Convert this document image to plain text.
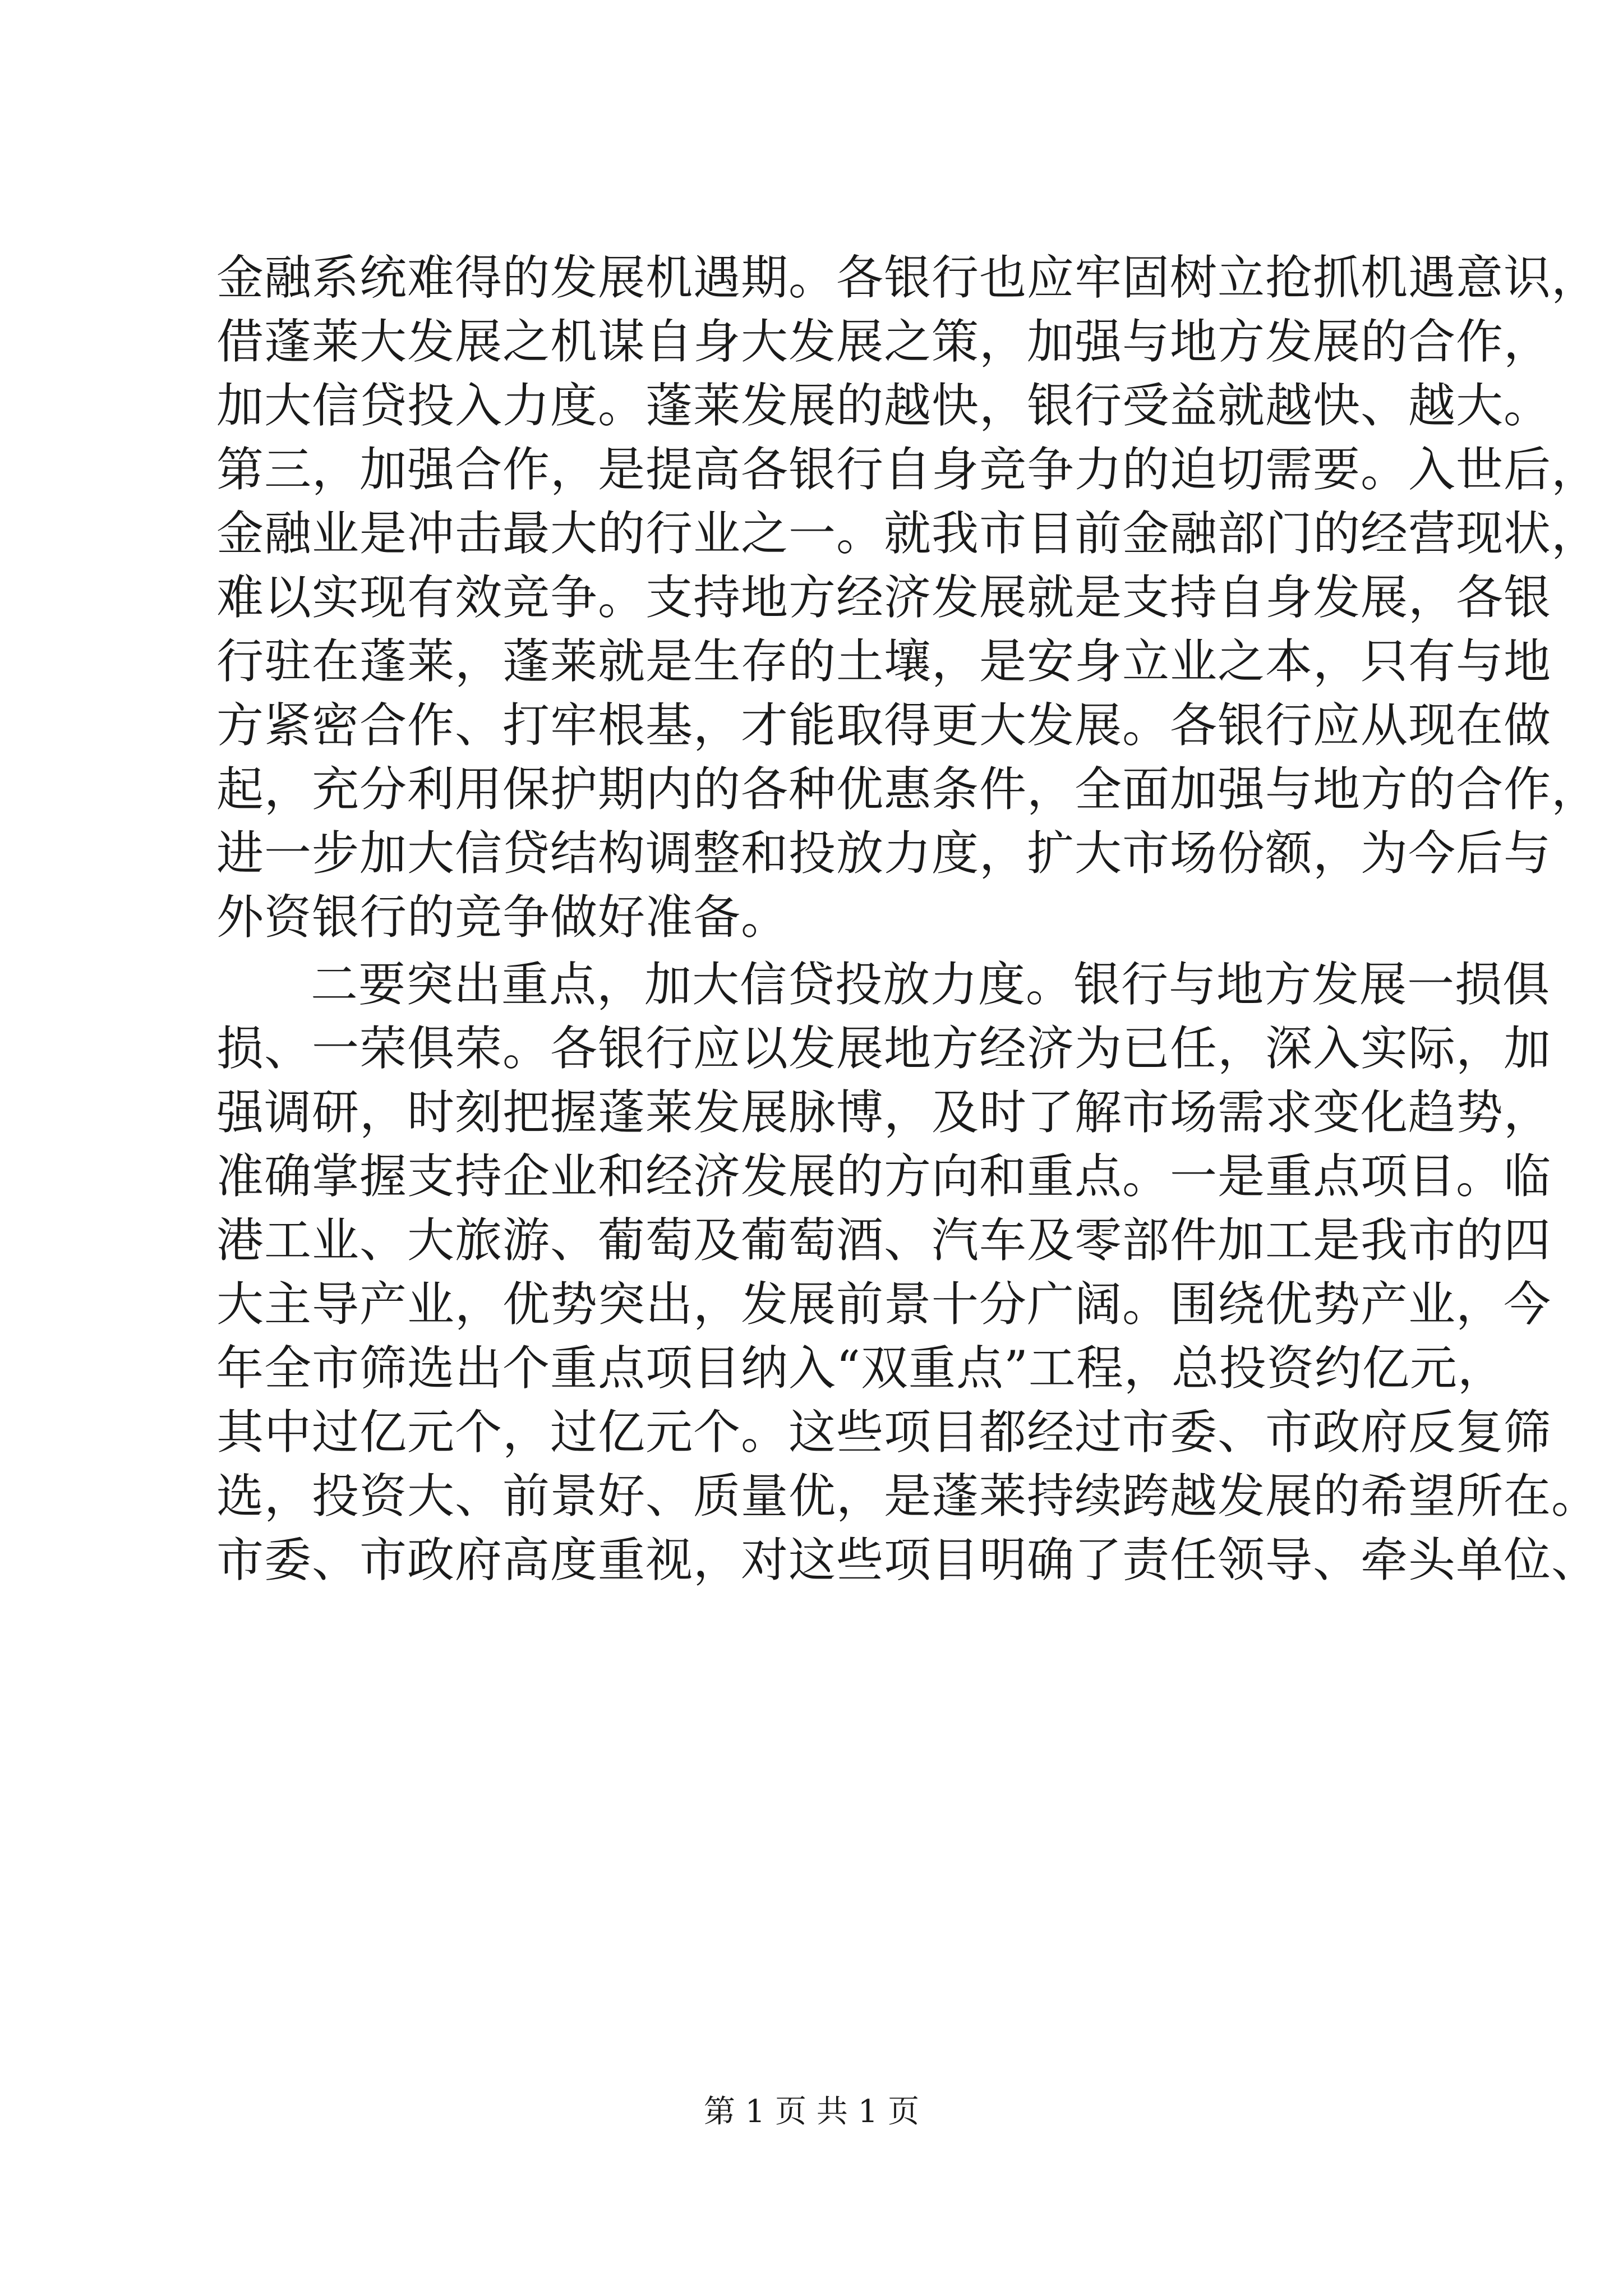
金融系统难得的发展机遇期。各银行也应牢固树立抢抓机遇意识，
借蓬莱大发展之机谋自身大发展之策，加强与地方发展的合作，
加大信贷投入力度。蓬莱发展的越快，银行受益就越快、越大。
第三，加强合作，是提高各银行自身竞争力的迫切需要。入世后，
金融业是冲击最大的行业之一。就我市目前金融部门的经营现状，
难以实现有效竞争。支持地方经济发展就是支持自身发展，各银
行驻在蓬莱，蓬莱就是生存的土壤，是安身立业之本，只有与地
方紧密合作、打牢根基，才能取得更大发展。各银行应从现在做
起，充分利用保护期内的各种优惠条件，全面加强与地方的合作，
进一步加大信贷结构调整和投放力度，扩大市场份额，为今后与
外资银行的竞争做好准备。
二要突出重点，加大信贷投放力度。银行与地方发展一损俱
损、一荣俱荣。各银行应以发展地方经济为已任，深入实际，加
强调研，时刻把握蓬莱发展脉博，及时了解市场需求变化趋势，
准确掌握支持企业和经济发展的方向和重点。一是重点项目。临
港工业、大旅游、葡萄及葡萄酒、汽车及零部件加工是我市的四
大主导产业，优势突出，发展前景十分广阔。围绕优势产业，今
年全市筛选出个重点项目纳入“双重点”工程，总投资约亿元，
其中过亿元个，过亿元个。这些项目都经过市委、市政府反复筛
选，投资大、前景好、质量优，是蓬莱持续跨越发展的希望所在。
市委、市政府高度重视，对这些项目明确了责任领导、牵头单位、
第 1 页 共 1 页
